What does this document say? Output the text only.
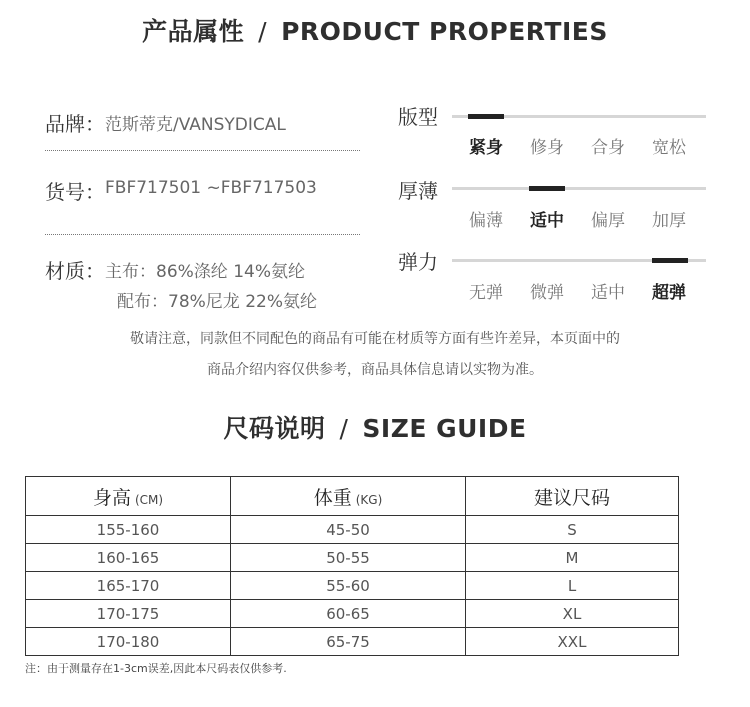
产品属性 / PRODUCT PROPERTIES
品牌：范斯蒂克/VANSYDICAL
货号：FBF717501 ~FBF717503
材质：主布：86%涤纶 14%氨纶
配布：78%尼龙 22%氨纶
版型
紧身	修身	合身	宽松
厚薄
偏薄	适中	偏厚	加厚
弹力
无弹	微弹	适中	超弹
敬请注意，同款但不同配色的商品有可能在材质等方面有些许差异，本页面中的
商品介绍内容仅供参考，商品具体信息请以实物为准。
尺码说明 / SIZE GUIDE
身高 (CM)	体重 (KG)	建议尺码
155-160	45-50	S
160-165	50-55	M
165-170	55-60	L
170-175	60-65	XL
170-180	65-75	XXL
注：由于测量存在1-3cm误差,因此本尺码表仅供参考.
